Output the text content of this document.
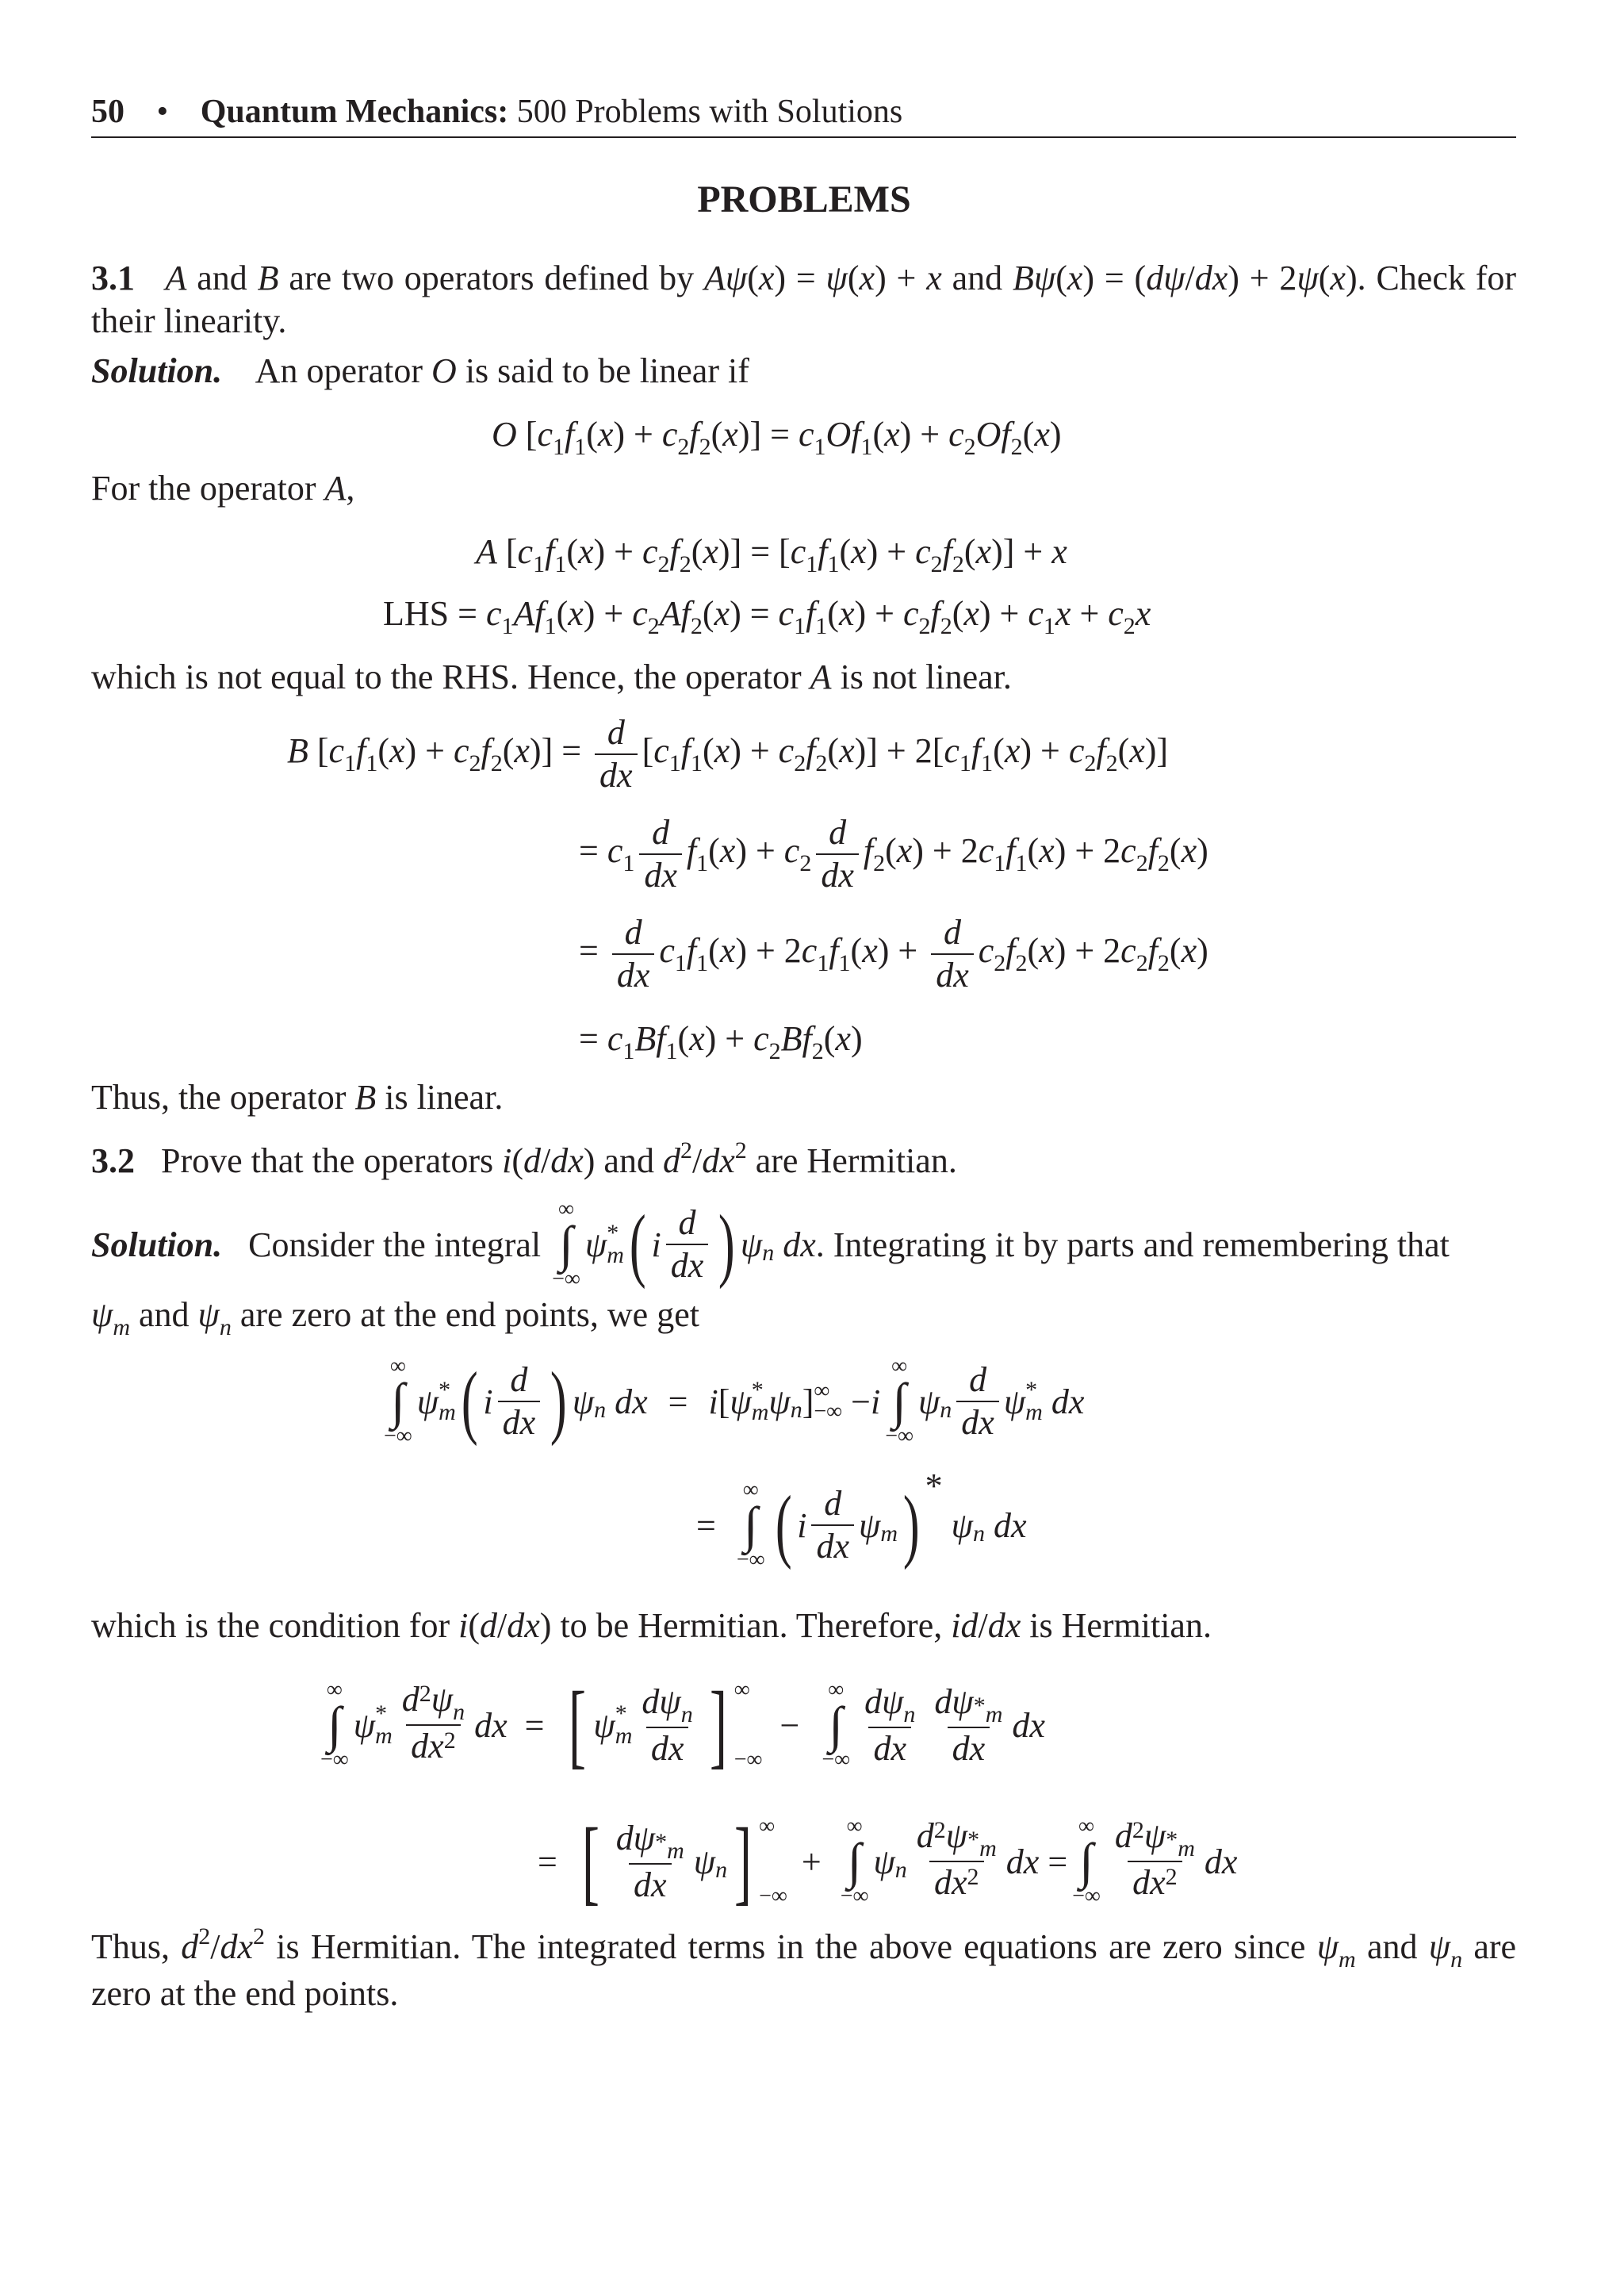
50 • Quantum Mechanics: 500 Problems with Solutions
PROBLEMS
3.1 A and B are two operators defined by Aψ(x) = ψ(x) + x and Bψ(x) = (dψ/dx) + 2ψ(x). Check for their linearity.
Solution. An operator O is said to be linear if
O $[c_1f_1(x) + c_2f_2(x)] = c_1Of_1(x) + c_2Of_2(x)$
For the operator A,
A $[c_1f_1(x) + c_2f_2(x)] = [c_1f_1(x) + c_2f_2(x)] + x$
LHS = $c_1Af_1(x) + c_2Af_2(x) = c_1f_1(x) + c_2f_2(x) + c_1x + c_2x$
which is not equal to the RHS. Hence, the operator A is not linear.
B $[c_1f_1(x) + c_2f_2(x)] = \frac{d}{dx} [c_1f_1(x) + c_2f_2(x)] + 2[c_1f_1(x) + c_2f_2(x)]$
= $c_1 \frac{d}{dx} f_1(x) + c_2 \frac{d}{dx} f_2(x) + 2c_1f_1(x) + 2c_2f_2(x)$
= $\frac{d}{dx} c_1f_1(x) + 2c_1f_1(x) + \frac{d}{dx} c_2f_2(x) + 2c_2f_2(x)$
= $c_1Bf_1(x) + c_2Bf_2(x)$
Thus, the operator B is linear.
3.2 Prove that the operators i(d/dx) and $d^2/dx^2$ are Hermitian.
Solution.
Consider the integral
∞
∫
−∞
ψ *
m ( i $\frac{d}{dx}$ ) ψ n
dx . Integrating it by parts and remembering that
$\psi_m$ and $\psi_n$ are zero at the end points, we get
∞
∫
−∞
ψ *
m ( i $\frac{d}{dx}$ ) ψ n
dx = i [ ψ *
m ψ n ] ∞
−∞ − i
∞
∫
−∞
ψ n $\frac{d}{dx}$ ψ *
m
dx
=
∞
∫
−∞ ( i $\frac{d}{dx}$ ψ m ) *

ψ n
dx
which is the condition for i(d/dx) to be Hermitian. Therefore, id/dx is Hermitian.
∞
∫
−∞
ψ *
m $\frac{d^2\psi_n}{dx^2}$ dx = [ ψ *
m $\frac{d\psi_n}{dx}$ ] ∞
−∞
−
∞
∫
−∞ $\frac{d\psi_n}{dx} \frac{d\psi*_m}{dx}$ dx
= [ $\frac{d\psi*_m}{dx}$ ψ n ] ∞
−∞
+
∞
∫
−∞
ψ n $\frac{d^2\psi*_m}{dx^2}$ dx =
∞
∫
−∞ $\frac{d^2\psi*_m}{dx^2}$ dx
Thus, $d^2/dx^2$ is Hermitian. The integrated terms in the above equations are zero since $\psi_m$ and $\psi_n$ are zero at the end points.
